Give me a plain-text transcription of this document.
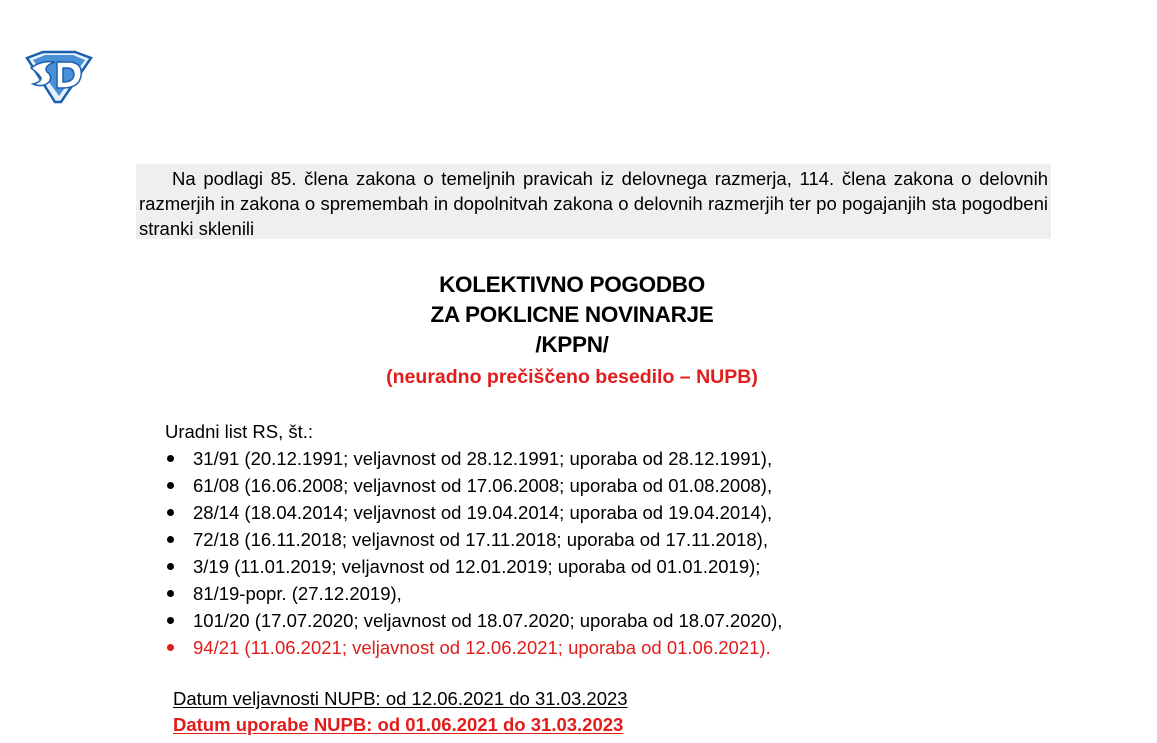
Na podlagi 85. člena zakona o temeljnih pravicah iz delovnega razmerja, 114. člena zakona o delovnih razmerjih in zakona o spremembah in dopolnitvah zakona o delovnih razmerjih ter po pogajanjih sta pogodbeni stranki sklenili

KOLEKTIVNO POGODBO
ZA POKLICNE NOVINARJE
/KPPN/
(neuradno prečiščeno besedilo – NUPB)
Uradni list RS, št.:
31/91 (20.12.1991; veljavnost od 28.12.1991; uporaba od 28.12.1991),
61/08 (16.06.2008; veljavnost od 17.06.2008; uporaba od 01.08.2008),
28/14 (18.04.2014; veljavnost od 19.04.2014; uporaba od 19.04.2014),
72/18 (16.11.2018; veljavnost od 17.11.2018; uporaba od 17.11.2018),
3/19 (11.01.2019; veljavnost od 12.01.2019; uporaba od 01.01.2019);
81/19-popr. (27.12.2019),
101/20 (17.07.2020; veljavnost od 18.07.2020; uporaba od 18.07.2020),
94/21 (11.06.2021; veljavnost od 12.06.2021; uporaba od 01.06.2021).
Datum veljavnosti NUPB: od 12.06.2021 do 31.03.2023
Datum uporabe NUPB: od 01.06.2021 do 31.03.2023
